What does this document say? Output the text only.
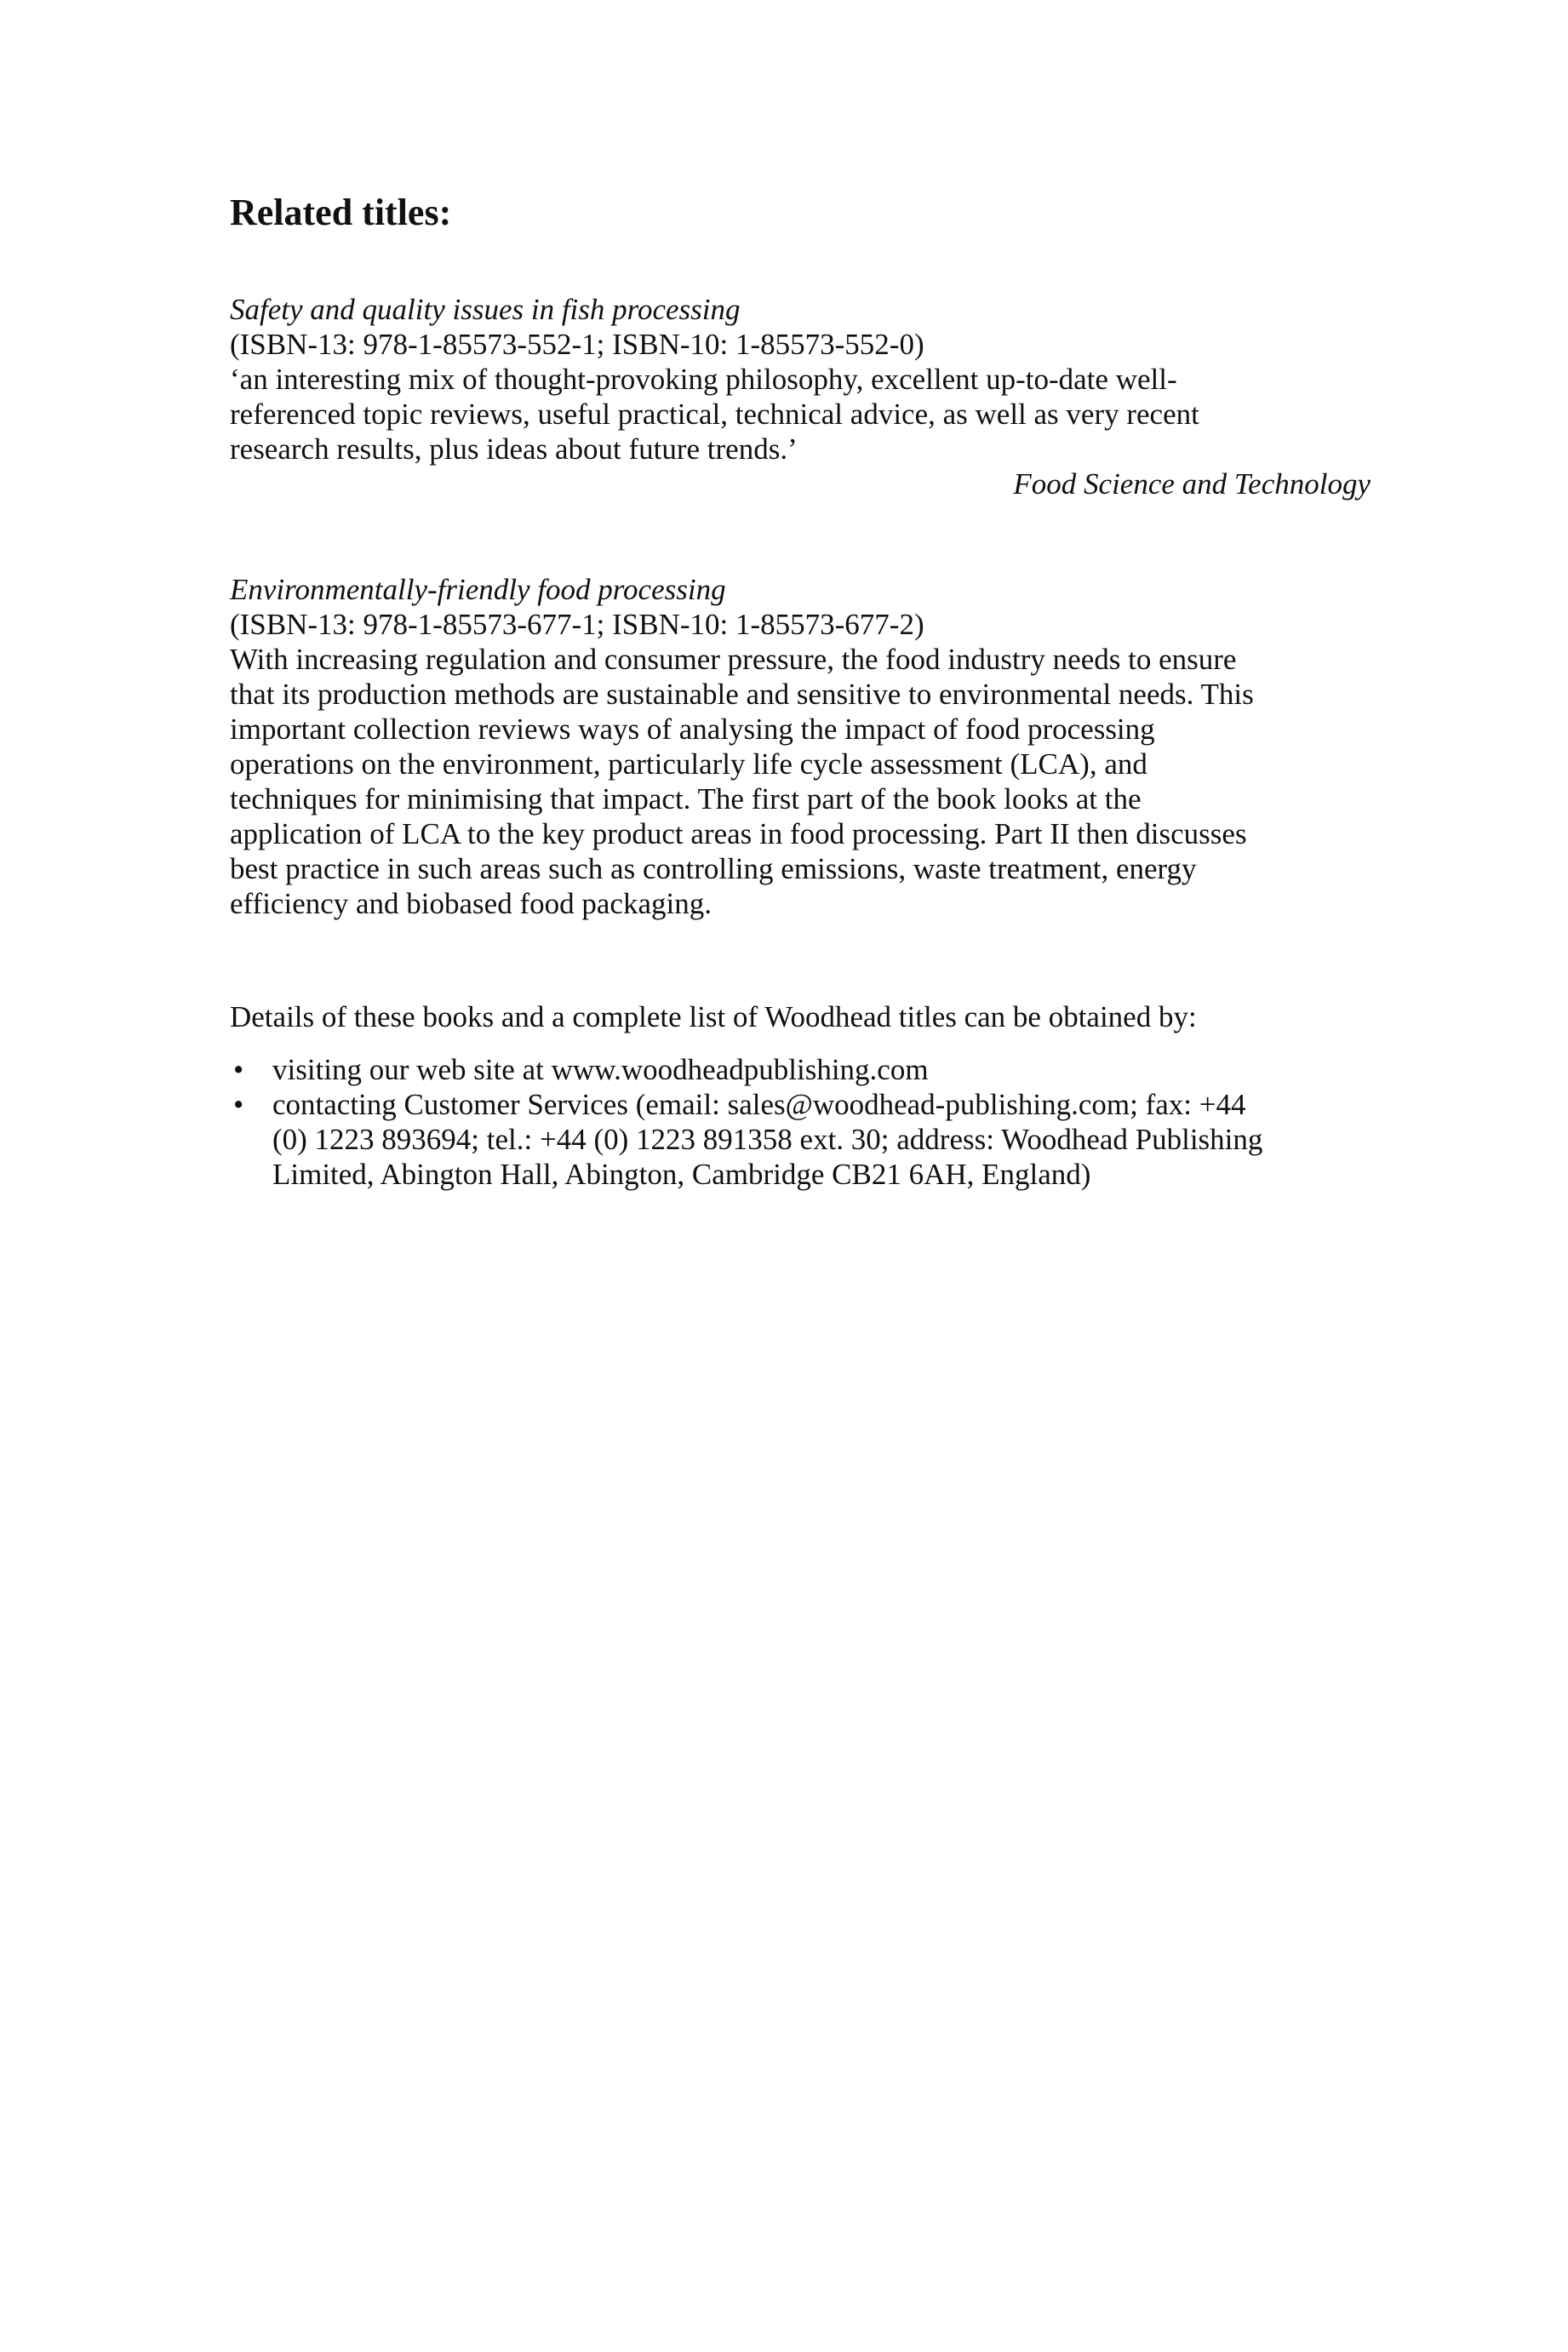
Related titles:
Safety and quality issues in fish processing
(ISBN-13: 978-1-85573-552-1; ISBN-10: 1-85573-552-0)
‘an interesting mix of thought-provoking philosophy, excellent up-to-date well-
referenced topic reviews, useful practical, technical advice, as well as very recent
research results, plus ideas about future trends.’
Food Science and Technology
Environmentally-friendly food processing
(ISBN-13: 978-1-85573-677-1; ISBN-10: 1-85573-677-2)
With increasing regulation and consumer pressure, the food industry needs to ensure
that its production methods are sustainable and sensitive to environmental needs. This
important collection reviews ways of analysing the impact of food processing
operations on the environment, particularly life cycle assessment (LCA), and
techniques for minimising that impact. The first part of the book looks at the
application of LCA to the key product areas in food processing. Part II then discusses
best practice in such areas such as controlling emissions, waste treatment, energy
efficiency and biobased food packaging.
Details of these books and a complete list of Woodhead titles can be obtained by:
• visiting our web site at www.woodheadpublishing.com
• contacting Customer Services (email: sales@woodhead-publishing.com; fax: +44
(0) 1223 893694; tel.: +44 (0) 1223 891358 ext. 30; address: Woodhead Publishing
Limited, Abington Hall, Abington, Cambridge CB21 6AH, England)
